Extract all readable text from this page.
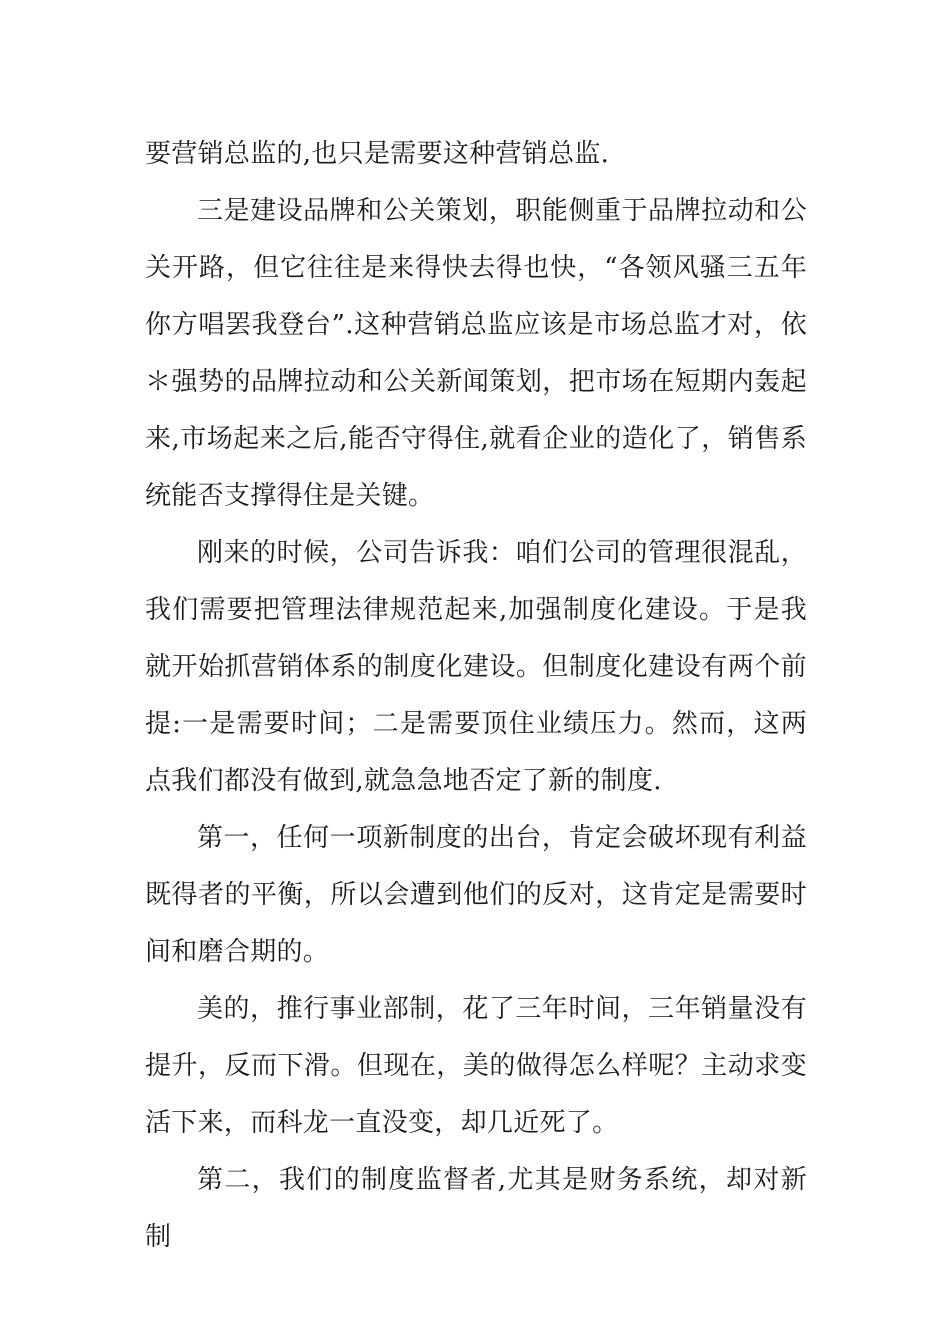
要营销总监的,也只是需要这种营销总监.

三是建设品牌和公关策划，职能侧重于品牌拉动和公关开路，但它往往是来得快去得也快，“各领风骚三五年你方唱罢我登台”.这种营销总监应该是市场总监才对，依＊强势的品牌拉动和公关新闻策划，把市场在短期内轰起来,市场起来之后,能否守得住,就看企业的造化了，销售系统能否支撑得住是关键。

刚来的时候，公司告诉我：咱们公司的管理很混乱，我们需要把管理法律规范起来,加强制度化建设。于是我就开始抓营销体系的制度化建设。但制度化建设有两个前提:一是需要时间；二是需要顶住业绩压力。然而，这两点我们都没有做到,就急急地否定了新的制度.

第一，任何一项新制度的出台，肯定会破坏现有利益既得者的平衡，所以会遭到他们的反对，这肯定是需要时间和磨合期的。

美的，推行事业部制，花了三年时间，三年销量没有提升，反而下滑。但现在，美的做得怎么样呢？主动求变活下来，而科龙一直没变，却几近死了。

第二，我们的制度监督者,尤其是财务系统，却对新制
